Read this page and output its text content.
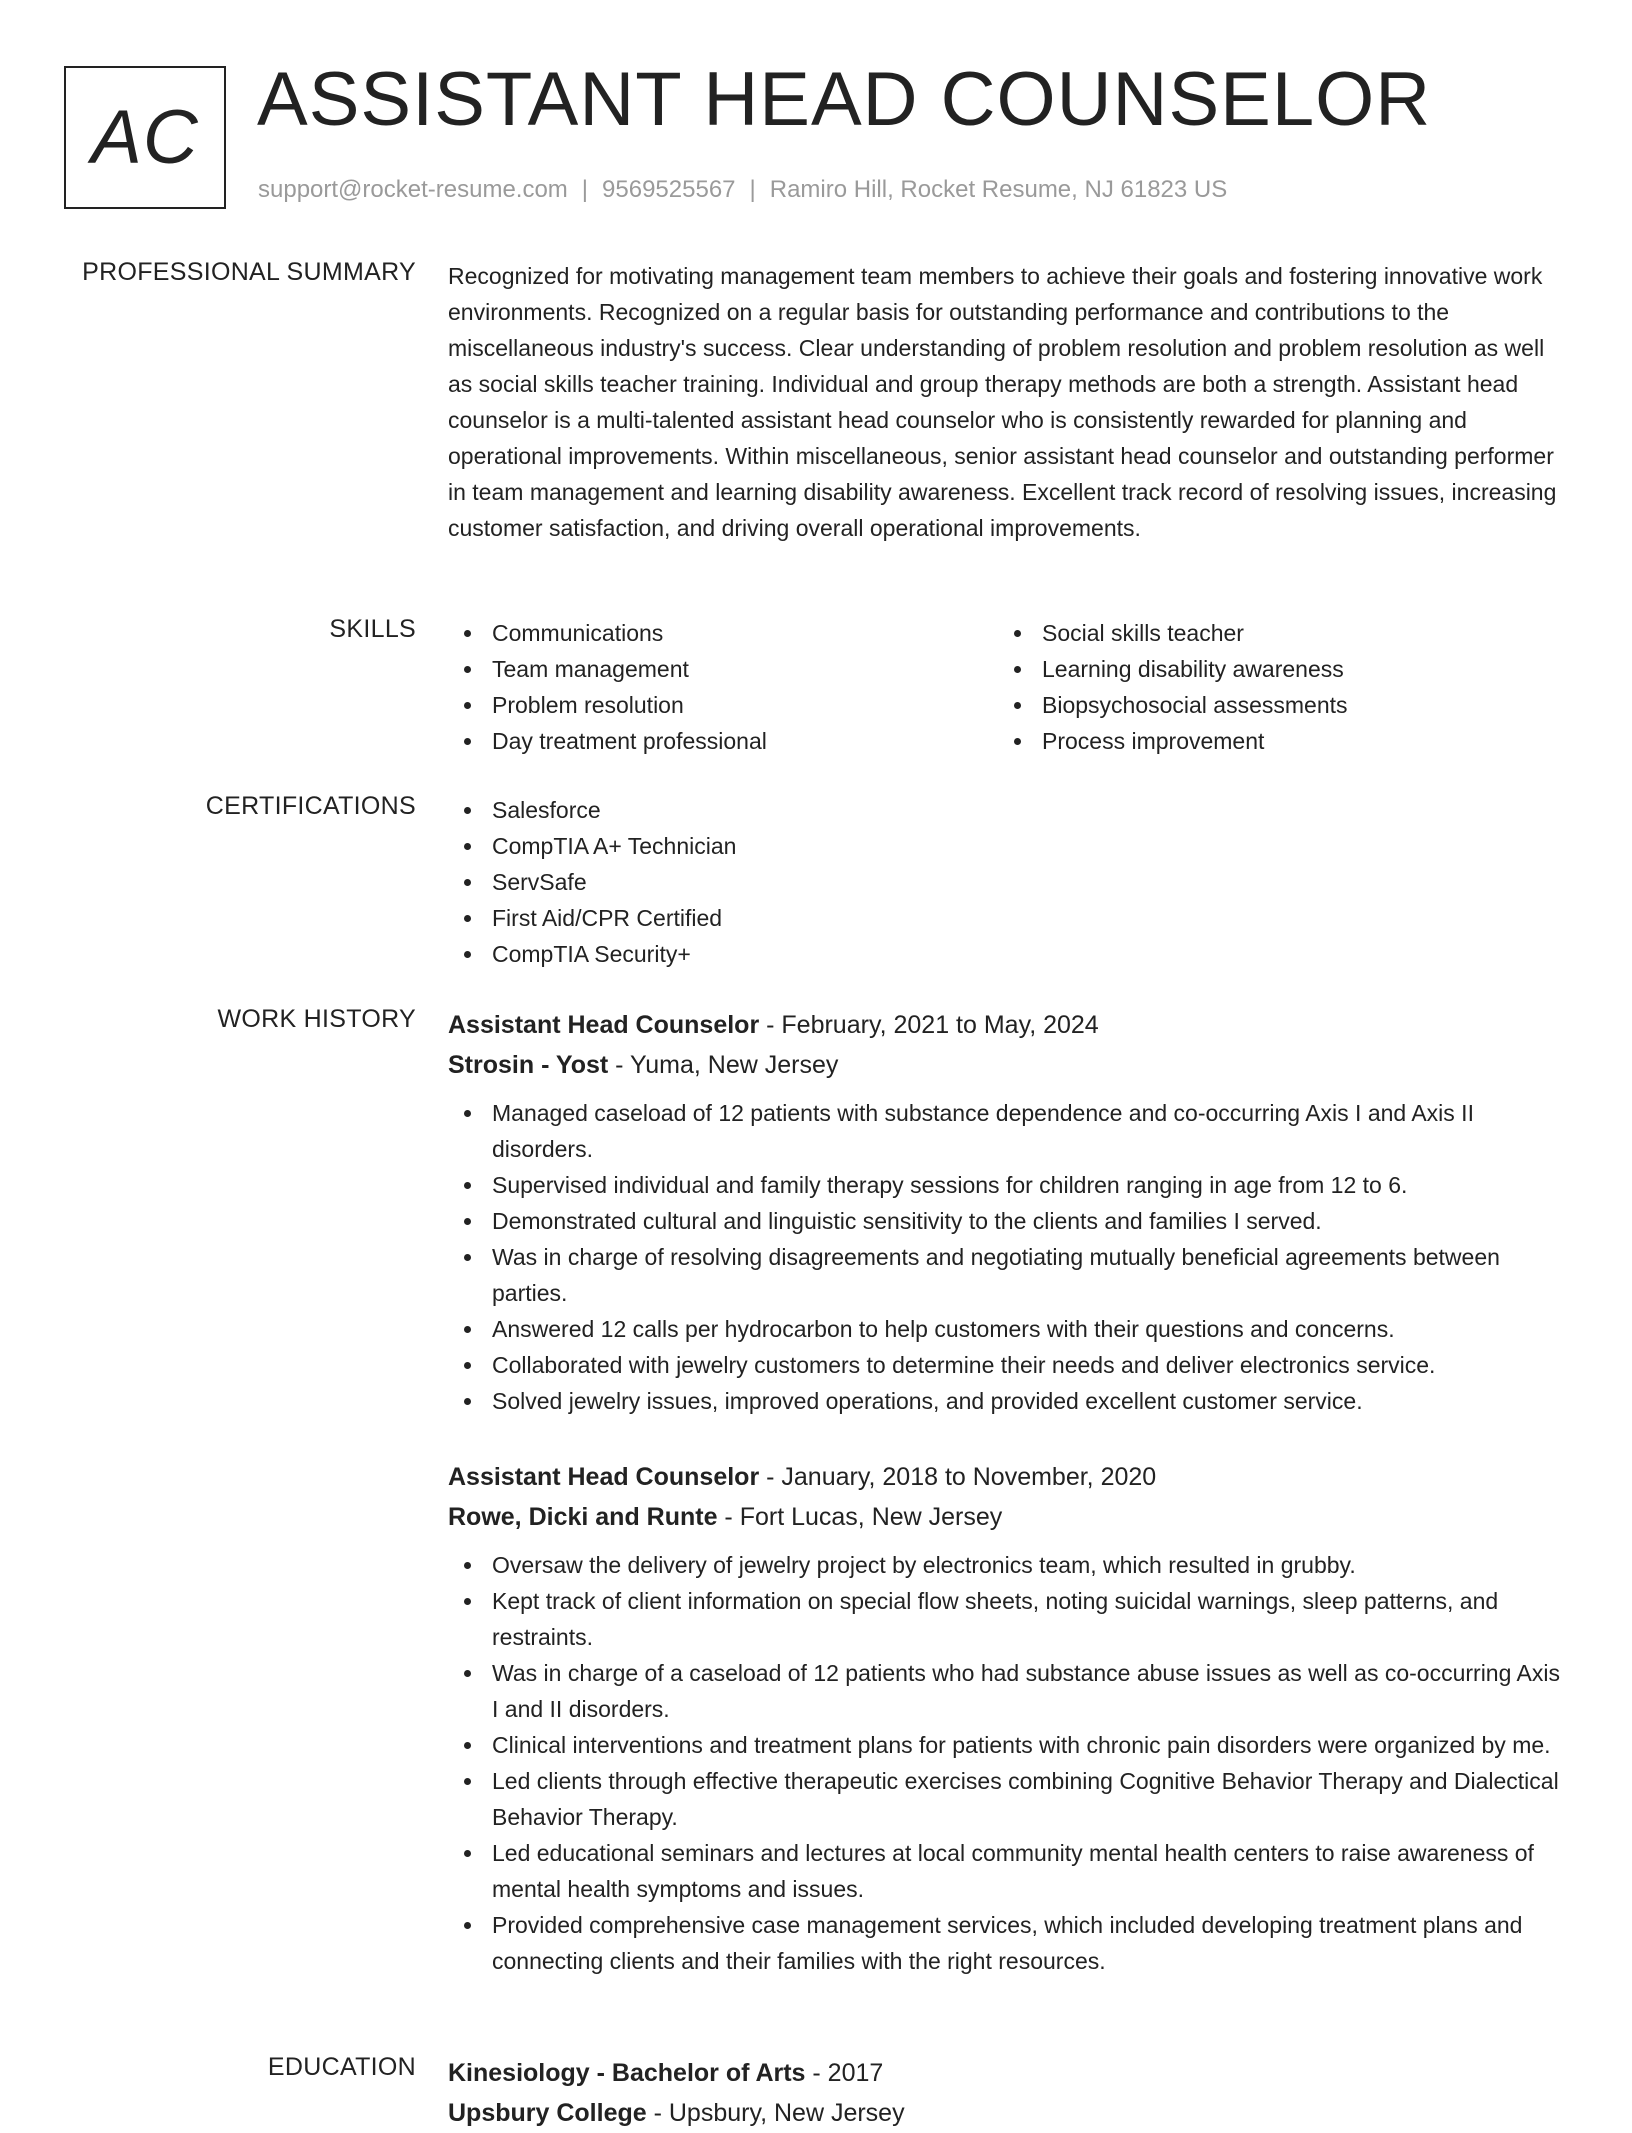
AC ASSISTANT HEAD COUNSELOR
support@rocket-resume.com | 9569525567 | Ramiro Hill, Rocket Resume, NJ 61823 US
PROFESSIONAL SUMMARY Recognized for motivating management team members to achieve their goals and fostering innovative work environments. Recognized on a regular basis for outstanding performance and contributions to the miscellaneous industry's success. Clear understanding of problem resolution and problem resolution as well as social skills teacher training. Individual and group therapy methods are both a strength. Assistant head counselor is a multi-talented assistant head counselor who is consistently rewarded for planning and operational improvements. Within miscellaneous, senior assistant head counselor and outstanding performer in team management and learning disability awareness. Excellent track record of resolving issues, increasing customer satisfaction, and driving overall operational improvements.
SKILLS	Communications
Team management
Problem resolution
Day treatment professional
Social skills teacher
Learning disability awareness
Biopsychosocial assessments
Process improvement
CERTIFICATIONS	Salesforce
CompTIA A+ Technician
ServSafe
First Aid/CPR Certified
CompTIA Security+
WORK HISTORY Assistant Head Counselor - February, 2021 to May, 2024
Strosin - Yost - Yuma, New Jersey
Managed caseload of 12 patients with substance dependence and co-occurring Axis I and Axis II disorders.
Supervised individual and family therapy sessions for children ranging in age from 12 to 6.
Demonstrated cultural and linguistic sensitivity to the clients and families I served.
Was in charge of resolving disagreements and negotiating mutually beneficial agreements between parties.
Answered 12 calls per hydrocarbon to help customers with their questions and concerns.
Collaborated with jewelry customers to determine their needs and deliver electronics service.
Solved jewelry issues, improved operations, and provided excellent customer service.
Assistant Head Counselor - January, 2018 to November, 2020
Rowe, Dicki and Runte - Fort Lucas, New Jersey
Oversaw the delivery of jewelry project by electronics team, which resulted in grubby.
Kept track of client information on special flow sheets, noting suicidal warnings, sleep patterns, and restraints.
Was in charge of a caseload of 12 patients who had substance abuse issues as well as co-occurring Axis I and II disorders.
Clinical interventions and treatment plans for patients with chronic pain disorders were organized by me.
Led clients through effective therapeutic exercises combining Cognitive Behavior Therapy and Dialectical Behavior Therapy.
Led educational seminars and lectures at local community mental health centers to raise awareness of mental health symptoms and issues.
Provided comprehensive case management services, which included developing treatment plans and connecting clients and their families with the right resources.
EDUCATION Kinesiology - Bachelor of Arts - 2017
Upsbury College - Upsbury, New Jersey
